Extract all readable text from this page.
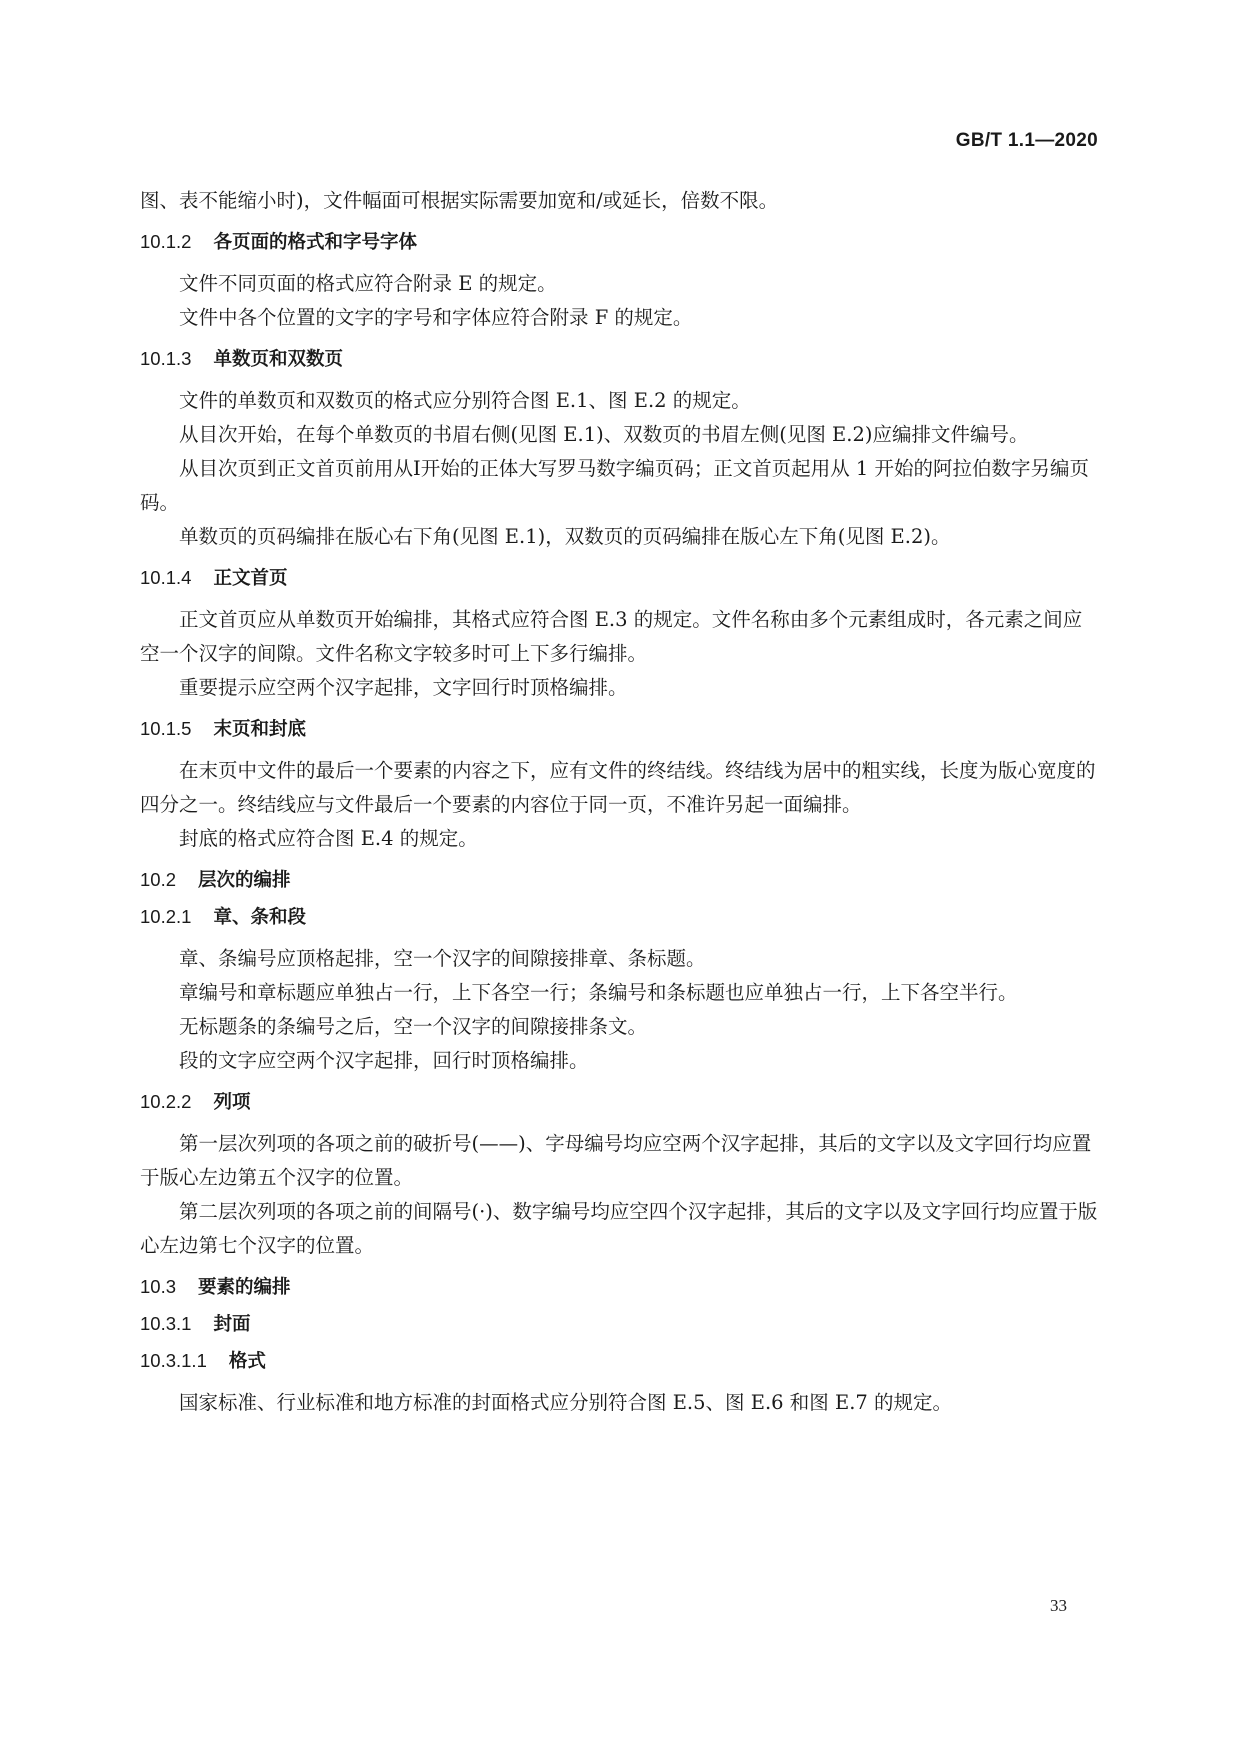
GB/T 1.1—2020

图、表不能缩小时)，文件幅面可根据实际需要加宽和/或延长，倍数不限。

10.1.2 各页面的格式和字号字体

文件不同页面的格式应符合附录 E 的规定。

文件中各个位置的文字的字号和字体应符合附录 F 的规定。

10.1.3 单数页和双数页

文件的单数页和双数页的格式应分别符合图 E.1、图 E.2 的规定。

从目次开始，在每个单数页的书眉右侧(见图 E.1)、双数页的书眉左侧(见图 E.2)应编排文件编号。

从目次页到正文首页前用从Ⅰ开始的正体大写罗马数字编页码；正文首页起用从 1 开始的阿拉伯数字另编页码。

单数页的页码编排在版心右下角(见图 E.1)，双数页的页码编排在版心左下角(见图 E.2)。

10.1.4 正文首页

正文首页应从单数页开始编排，其格式应符合图 E.3 的规定。文件名称由多个元素组成时，各元素之间应空一个汉字的间隙。文件名称文字较多时可上下多行编排。

重要提示应空两个汉字起排，文字回行时顶格编排。

10.1.5 末页和封底

在末页中文件的最后一个要素的内容之下，应有文件的终结线。终结线为居中的粗实线，长度为版心宽度的四分之一。终结线应与文件最后一个要素的内容位于同一页，不准许另起一面编排。

封底的格式应符合图 E.4 的规定。

10.2 层次的编排
10.2.1 章、条和段

章、条编号应顶格起排，空一个汉字的间隙接排章、条标题。

章编号和章标题应单独占一行，上下各空一行；条编号和条标题也应单独占一行，上下各空半行。

无标题条的条编号之后，空一个汉字的间隙接排条文。

段的文字应空两个汉字起排，回行时顶格编排。

10.2.2 列项

第一层次列项的各项之前的破折号(——)、字母编号均应空两个汉字起排，其后的文字以及文字回行均应置于版心左边第五个汉字的位置。

第二层次列项的各项之前的间隔号(·)、数字编号均应空四个汉字起排，其后的文字以及文字回行均应置于版心左边第七个汉字的位置。

10.3 要素的编排
10.3.1 封面
10.3.1.1 格式

国家标准、行业标准和地方标准的封面格式应分别符合图 E.5、图 E.6 和图 E.7 的规定。

33
